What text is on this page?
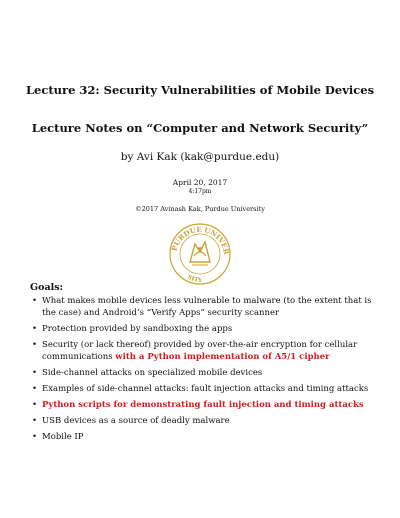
Lecture 32: Security Vulnerabilities of Mobile Devices
Lecture Notes on “Computer and Network Security”
by Avi Kak (kak@purdue.edu)
April 20, 2017
4:17pm
©2017 Avinash Kak, Purdue University
PURDUE UNIVER
SITY
Goals:
• What makes mobile devices less vulnerable to malware (to the extent that is the case) and Android’s “Verify Apps” security scanner
• Protection provided by sandboxing the apps
• Security (or lack thereof) provided by over-the-air encryption for cellular communications with a Python implementation of A5/1 cipher
• Side-channel attacks on specialized mobile devices
• Examples of side-channel attacks: fault injection attacks and timing attacks
• Python scripts for demonstrating fault injection and timing attacks
• USB devices as a source of deadly malware
• Mobile IP
